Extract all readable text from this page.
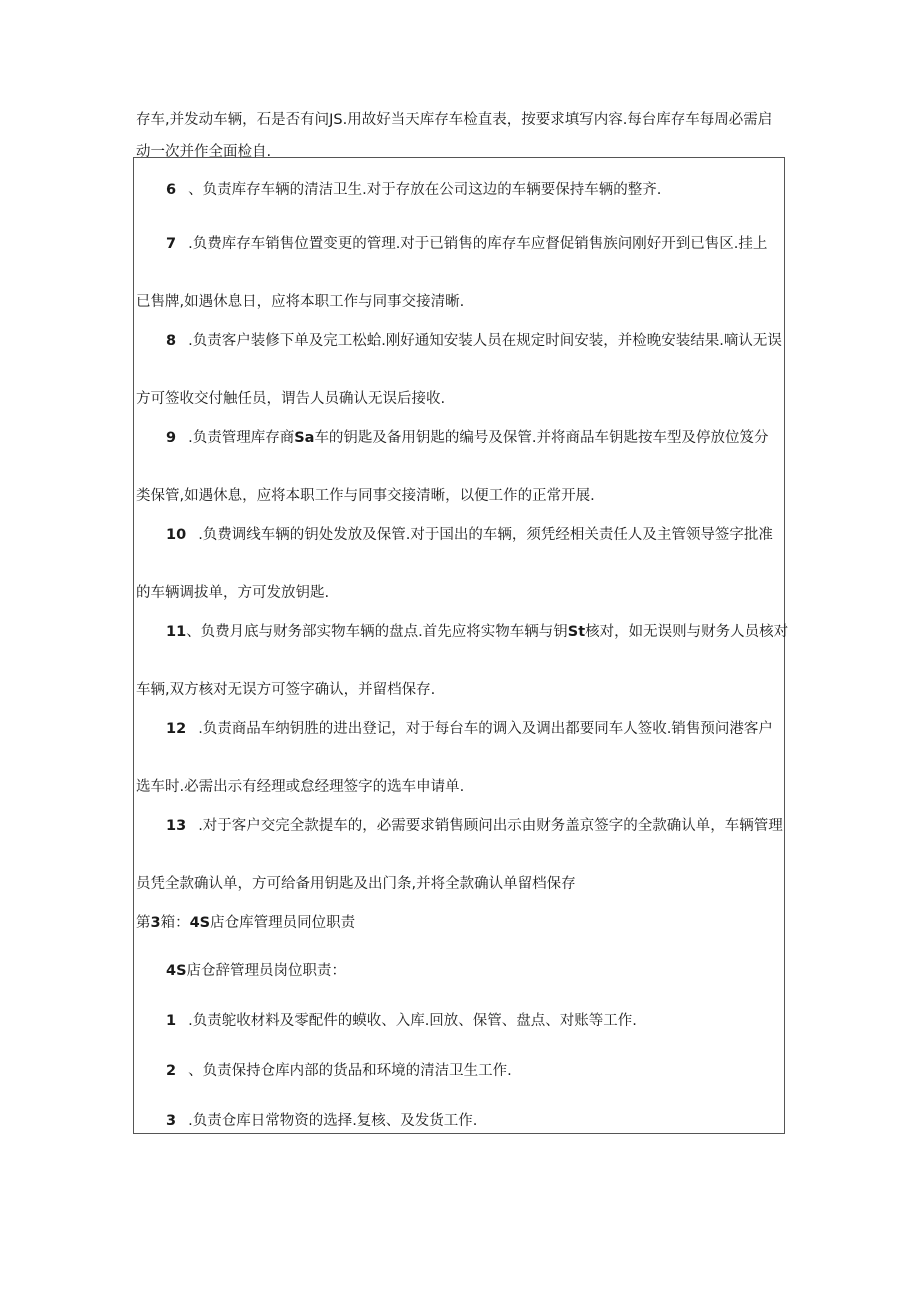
存车,并发动车辆，石是否有问JS.用故好当天库存车检直表，按要求填写内容.每台库存车每周必需启
动一次并作全面检自.
6 、负责库存车辆的清洁卫生.对于存放在公司这边的车辆要保持车辆的整齐.
7 .负费库存车销售位置变更的管理.对于已销售的库存车应督促销售族问刚好开到已售区.挂上
已售牌,如遇休息日，应将本职工作与同事交接清晰.
8 .负责客户装修下单及完工松蛤.刚好通知安装人员在规定时间安装，并检晚安装结果.嘀认无误
方可签收交付触任员，谓告人员确认无误后接收.
9 .负责管理库存商Sa车的钥匙及备用钥匙的编号及保管.并将商品车钥匙按车型及停放位笈分
类保管,如遇休息，应将本职工作与同事交接清晰，以便工作的正常开展.
10 .负费调线车辆的钥处发放及保管.对于国出的车辆，须凭经相关责任人及主管领导签字批准
的车辆调拔单，方可发放钥匙.
11、负费月底与财务部实物车辆的盘点.首先应将实物车辆与钥St核对，如无误则与财务人员核对
车辆,双方核对无误方可签字确认，并留档保存.
12 .负责商品车纳钥胜的进出登记，对于每台车的调入及调出都要同车人签收.销售预问港客户
选车时.必需出示有经理或怠经理签字的选车申请单.
13 .对于客户交完全款提车的，必需要求销售顾问出示由财务盖京签字的全款确认单，车辆管理
员凭全款确认单，方可给备用钥匙及出门条,并将全款确认单留档保存
第3箱：4S店仓库管理员同位职责
4S店仓辞管理员岗位职责：
1 .负责鸵收材料及零配件的蟆收、入库.回放、保管、盘点、对账等工作.
2 、负责保持仓库内部的货品和环境的清洁卫生工作.
3 .负责仓库日常物资的选择.复核、及发货工作.
